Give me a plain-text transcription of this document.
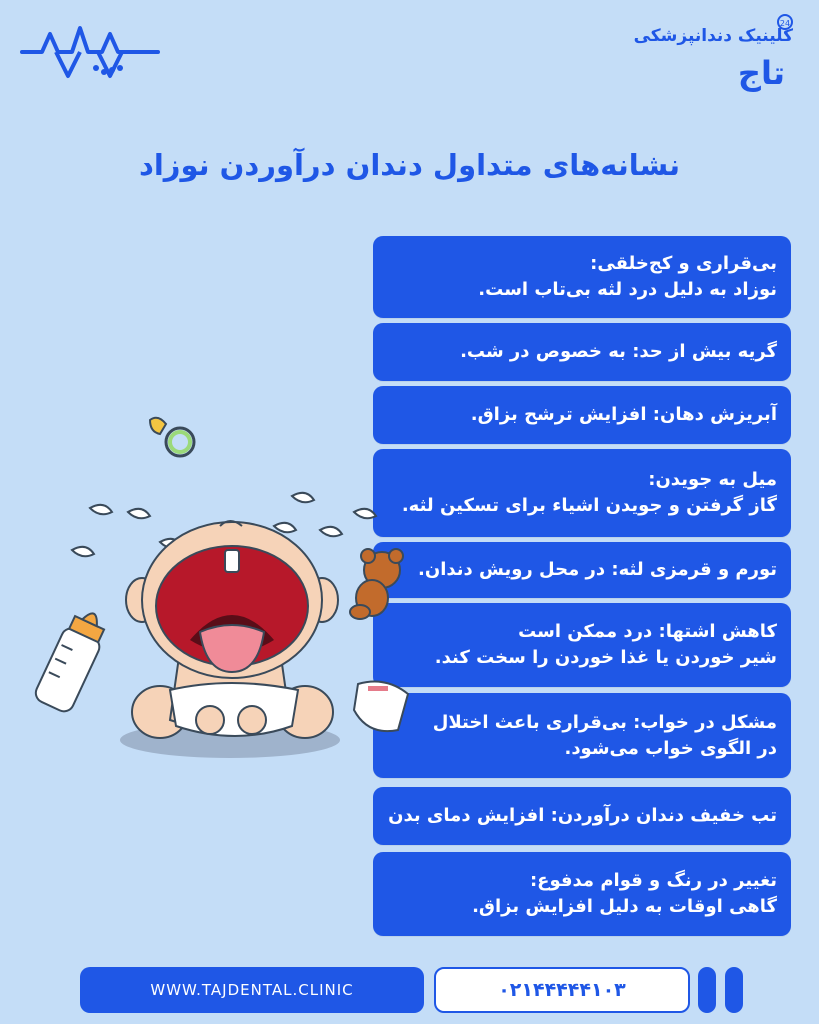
24
کلینیک دندانپزشکی
تاج
نشانه‌های متداول دندان درآوردن نوزاد
بی‌قراری و کج‌خلقی:
نوزاد به دلیل درد لثه بی‌تاب است.
گریه بیش از حد: به خصوص در شب.
آبریزش دهان: افزایش ترشح بزاق.
میل به جویدن:
گاز گرفتن و جویدن اشیاء برای تسکین لثه.
تورم و قرمزی لثه: در محل رویش دندان.
کاهش اشتها: درد ممکن است
شیر خوردن یا غذا خوردن را سخت کند.
مشکل در خواب: بی‌قراری باعث اختلال
در الگوی خواب می‌شود.
تب خفیف دندان درآوردن: افزایش دمای بدن
تغییر در رنگ و قوام مدفوع:
گاهی اوقات به دلیل افزایش بزاق.
WWW.TAJDENTAL.CLINIC	۰۲۱۴۴۴۴۴۱۰۳
